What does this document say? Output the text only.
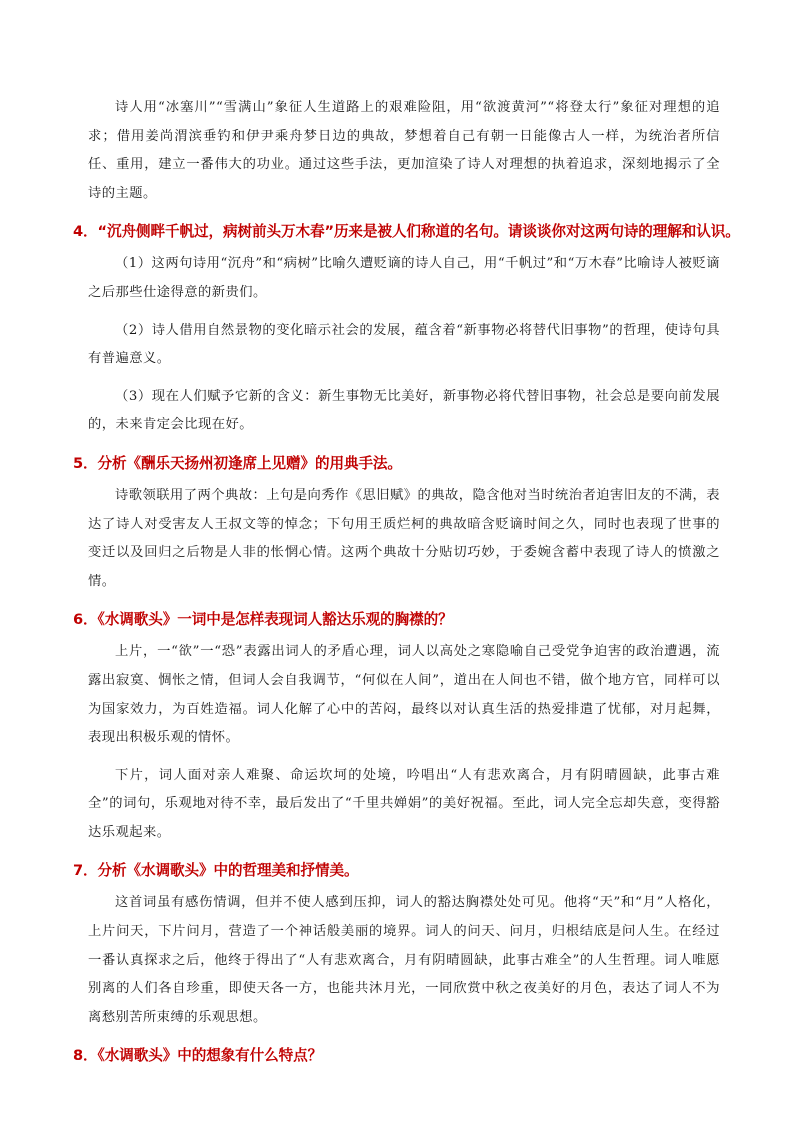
诗人用“冰塞川”“雪满山”象征人生道路上的艰难险阻，用“欲渡黄河”“将登太行”象征对理想的追求；借用姜尚渭滨垂钓和伊尹乘舟梦日边的典故，梦想着自己有朝一日能像古人一样，为统治者所信任、重用，建立一番伟大的功业。通过这些手法，更加渲染了诗人对理想的执着追求，深刻地揭示了全诗的主题。

4．“沉舟侧畔千帆过，病树前头万木春”历来是被人们称道的名句。请谈谈你对这两句诗的理解和认识。

（1）这两句诗用“沉舟”和“病树”比喻久遭贬谪的诗人自己，用“千帆过”和“万木春”比喻诗人被贬谪之后那些仕途得意的新贵们。

（2）诗人借用自然景物的变化暗示社会的发展，蕴含着“新事物必将替代旧事物”的哲理，使诗句具有普遍意义。

（3）现在人们赋予它新的含义：新生事物无比美好，新事物必将代替旧事物，社会总是要向前发展的，未来肯定会比现在好。

5．分析《酬乐天扬州初逢席上见赠》的用典手法。

诗歌领联用了两个典故：上句是向秀作《思旧赋》的典故，隐含他对当时统治者迫害旧友的不满，表达了诗人对受害友人王叔文等的悼念；下句用王质烂柯的典故暗含贬谪时间之久，同时也表现了世事的变迁以及回归之后物是人非的怅惘心情。这两个典故十分贴切巧妙，于委婉含蓄中表现了诗人的愤激之情。

6．《水调歌头》一词中是怎样表现词人豁达乐观的胸襟的？

上片，一“欲”一“恐”表露出词人的矛盾心理，词人以高处之寒隐喻自己受党争迫害的政治遭遇，流露出寂寞、惆怅之情，但词人会自我调节，“何似在人间”，道出在人间也不错，做个地方官，同样可以为国家效力，为百姓造福。词人化解了心中的苦闷，最终以对认真生活的热爱排遣了忧郁，对月起舞，表现出积极乐观的情怀。

下片，词人面对亲人难聚、命运坎坷的处境，吟唱出“人有悲欢离合，月有阴晴圆缺，此事古难全”的词句，乐观地对待不幸，最后发出了“千里共婵娟”的美好祝福。至此，词人完全忘却失意，变得豁达乐观起来。

7．分析《水调歌头》中的哲理美和抒情美。

这首词虽有感伤情调，但并不使人感到压抑，词人的豁达胸襟处处可见。他将“天”和“月”人格化，上片问天，下片问月，营造了一个神话般美丽的境界。词人的问天、问月，归根结底是问人生。在经过一番认真探求之后，他终于得出了“人有悲欢离合，月有阴晴圆缺，此事古难全”的人生哲理。词人唯愿别离的人们各自珍重，即使天各一方，也能共沐月光，一同欣赏中秋之夜美好的月色，表达了词人不为离愁别苦所束缚的乐观思想。

8．《水调歌头》中的想象有什么特点？
